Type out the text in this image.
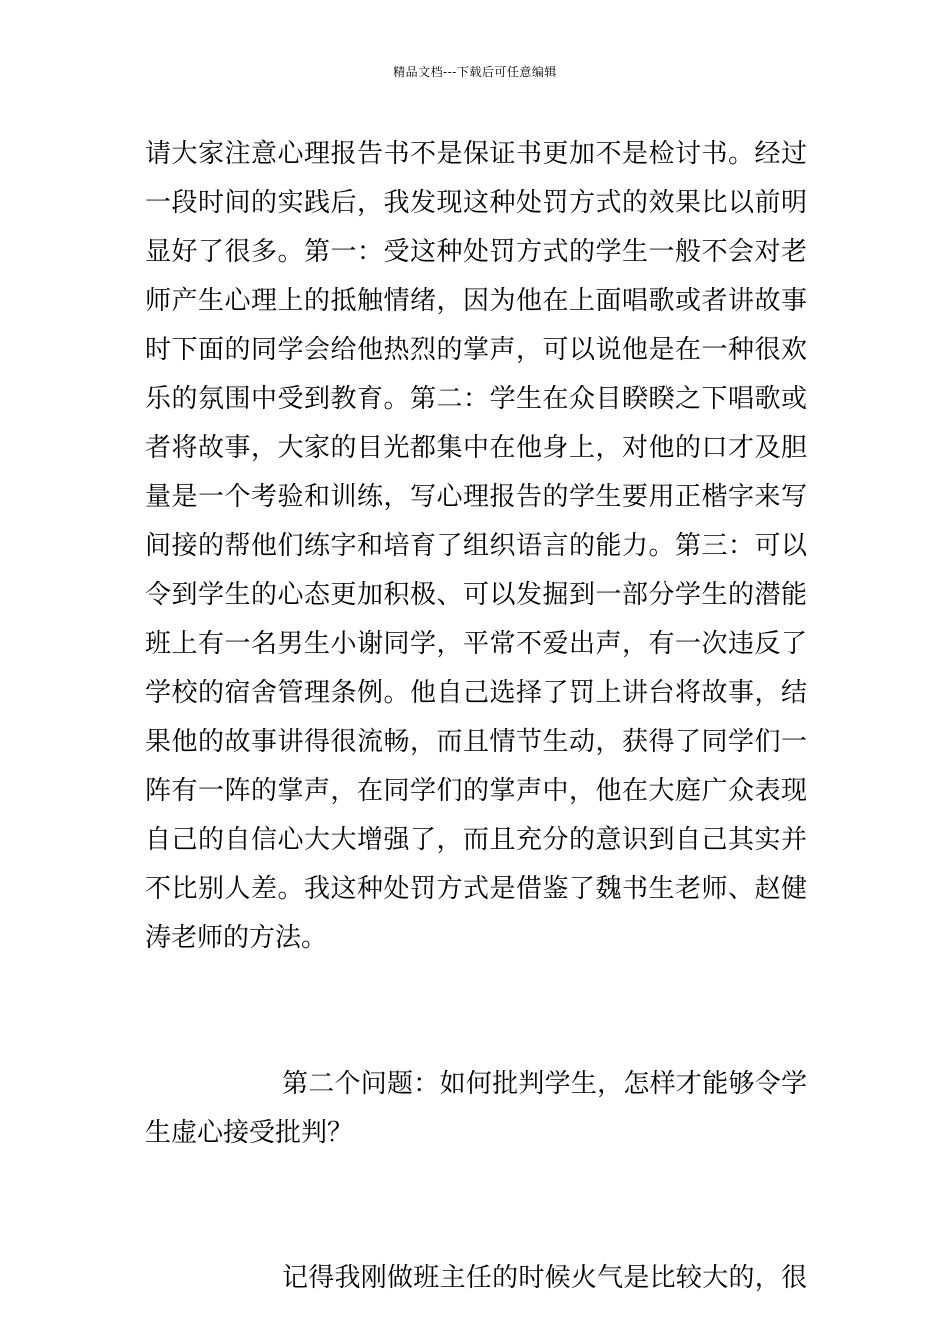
精品文档---下载后可任意编辑
请大家注意心理报告书不是保证书更加不是检讨书。经过
一段时间的实践后，我发现这种处罚方式的效果比以前明
显好了很多。第一：受这种处罚方式的学生一般不会对老
师产生心理上的抵触情绪，因为他在上面唱歌或者讲故事
时下面的同学会给他热烈的掌声，可以说他是在一种很欢
乐的氛围中受到教育。第二：学生在众目睽睽之下唱歌或
者将故事，大家的目光都集中在他身上，对他的口才及胆
量是一个考验和训练，写心理报告的学生要用正楷字来写
间接的帮他们练字和培育了组织语言的能力。第三：可以
令到学生的心态更加积极、可以发掘到一部分学生的潜能
班上有一名男生小谢同学，平常不爱出声，有一次违反了
学校的宿舍管理条例。他自己选择了罚上讲台将故事，结
果他的故事讲得很流畅，而且情节生动，获得了同学们一
阵有一阵的掌声，在同学们的掌声中，他在大庭广众表现
自己的自信心大大增强了，而且充分的意识到自己其实并
不比别人差。我这种处罚方式是借鉴了魏书生老师、赵健
涛老师的方法。
第二个问题：如何批判学生，怎样才能够令学
生虚心接受批判？
记得我刚做班主任的时候火气是比较大的，很
